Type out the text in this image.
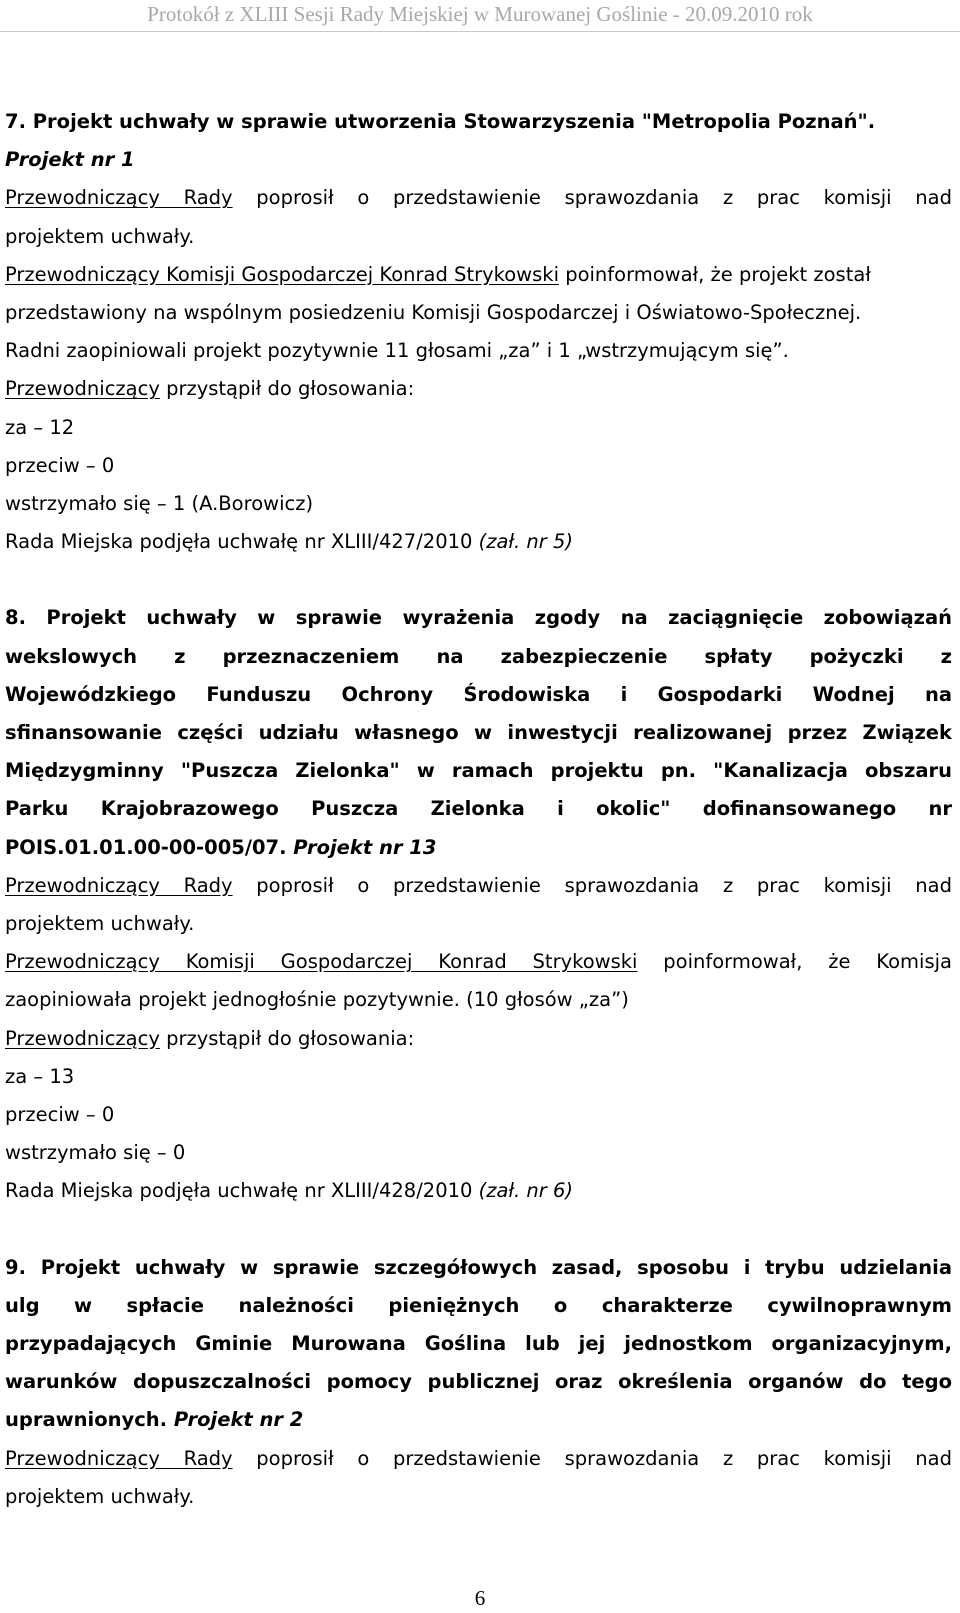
Protokół z XLIII Sesji Rady Miejskiej w Murowanej Goślinie - 20.09.2010 rok
7. Projekt uchwały w sprawie utworzenia Stowarzyszenia "Metropolia Poznań".
Projekt nr 1
Przewodniczący Rady poprosił o przedstawienie sprawozdania z prac komisji nad
projektem uchwały.
Przewodniczący Komisji Gospodarczej Konrad Strykowski poinformował, że projekt został
przedstawiony na wspólnym posiedzeniu Komisji Gospodarczej i Oświatowo-Społecznej.
Radni zaopiniowali projekt pozytywnie 11 głosami „za” i 1 „wstrzymującym się”.
Przewodniczący przystąpił do głosowania:
za – 12
przeciw – 0
wstrzymało się – 1 (A.Borowicz)
Rada Miejska podjęła uchwałę nr XLIII/427/2010 (zał. nr 5)
8. Projekt uchwały w sprawie wyrażenia zgody na zaciągnięcie zobowiązań
wekslowych z przeznaczeniem na zabezpieczenie spłaty pożyczki z
Wojewódzkiego Funduszu Ochrony Środowiska i Gospodarki Wodnej na
sfinansowanie części udziału własnego w inwestycji realizowanej przez Związek
Międzygminny "Puszcza Zielonka" w ramach projektu pn. "Kanalizacja obszaru
Parku Krajobrazowego Puszcza Zielonka i okolic" dofinansowanego nr
POIS.01.01.00-00-005/07. Projekt nr 13
Przewodniczący Rady poprosił o przedstawienie sprawozdania z prac komisji nad
projektem uchwały.
Przewodniczący Komisji Gospodarczej Konrad Strykowski poinformował, że Komisja
zaopiniowała projekt jednogłośnie pozytywnie. (10 głosów „za”)
Przewodniczący przystąpił do głosowania:
za – 13
przeciw – 0
wstrzymało się – 0
Rada Miejska podjęła uchwałę nr XLIII/428/2010 (zał. nr 6)
9. Projekt uchwały w sprawie szczegółowych zasad, sposobu i trybu udzielania
ulg w spłacie należności pieniężnych o charakterze cywilnoprawnym
przypadających Gminie Murowana Goślina lub jej jednostkom organizacyjnym,
warunków dopuszczalności pomocy publicznej oraz określenia organów do tego
uprawnionych. Projekt nr 2
Przewodniczący Rady poprosił o przedstawienie sprawozdania z prac komisji nad
projektem uchwały.
6
